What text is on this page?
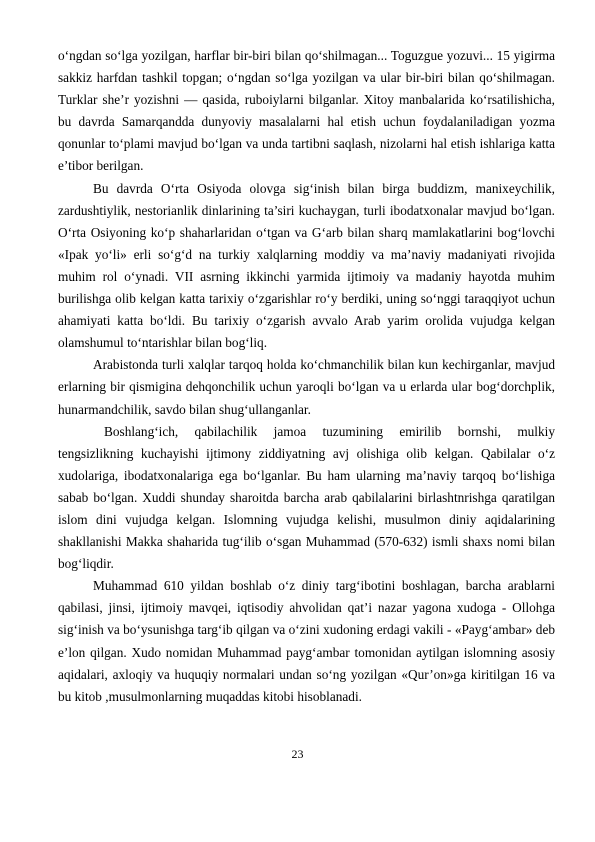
o‘ngdan so‘lga yozilgan, harflar bir-biri bilan qo‘shilmagan... Toguzgue yozuvi... 15 yigirma sakkiz harfdan tashkil topgan; o‘ngdan so‘lga yozilgan va ular bir-biri bilan qo‘shilmagan. Turklar she’r yozishni — qasida, ruboiylarni bilganlar. Xitoy manbalarida ko‘rsatilishicha, bu davrda Samarqandda dunyoviy masalalarni hal etish uchun foydalaniladigan yozma qonunlar to‘plami mavjud bo‘lgan va unda tartibni saqlash, nizolarni hal etish ishlariga katta e’tibor berilgan.

Bu davrda O‘rta Osiyoda olovga sig‘inish bilan birga buddizm, manixeychilik, zardushtiylik, nestorianlik dinlarining ta’siri kuchaygan, turli ibodatxonalar mavjud bo‘lgan. O‘rta Osiyoning ko‘p shaharlaridan o‘tgan va G‘arb bilan sharq mamlakatlarini bog‘lovchi «Ipak yo‘li» erli so‘g‘d na turkiy xalqlarning moddiy va ma’naviy madaniyati rivojida muhim rol o‘ynadi. VII asrning ikkinchi yarmida ijtimoiy va madaniy hayotda muhim burilishga olib kelgan katta tarixiy o‘zgarishlar ro‘y berdiki, uning so‘nggi taraqqiyot uchun ahamiyati katta bo‘ldi. Bu tarixiy o‘zgarish avvalo Arab yarim orolida vujudga kelgan olamshumul to‘ntarishlar bilan bog‘liq.

Arabistonda turli xalqlar tarqoq holda ko‘chmanchilik bilan kun kechirganlar, mavjud erlarning bir qismigina dehqonchilik uchun yaroqli bo‘lgan va u erlarda ular bog‘dorchplik, hunarmandchilik, savdo bilan shug‘ullanganlar.

Boshlang‘ich, qabilachilik jamoa tuzumining emirilib bornshi, mulkiy tengsizlikning kuchayishi ijtimony ziddiyatning avj olishiga olib kelgan. Qabilalar o‘z xudolariga, ibodatxonalariga ega bo‘lganlar. Bu ham ularning ma’naviy tarqoq bo‘lishiga sabab bo‘lgan. Xuddi shunday sharoitda barcha arab qabilalarini birlashtnrishga qaratilgan islom dini vujudga kelgan. Islomning vujudga kelishi, musulmon diniy aqidalarining shakllanishi Makka shaharida tug‘ilib o‘sgan Muhammad (570-632) ismli shaxs nomi bilan bog‘liqdir.

Muhammad 610 yildan boshlab o‘z diniy targ‘ibotini boshlagan, barcha arablarni qabilasi, jinsi, ijtimoiy mavqei, iqtisodiy ahvolidan qat’i nazar yagona xudoga - Ollohga sig‘inish va bo‘ysunishga targ‘ib qilgan va o‘zini xudoning erdagi vakili - «Payg‘ambar» deb e’lon qilgan. Xudo nomidan Muhammad payg‘ambar tomonidan aytilgan islomning asosiy aqidalari, axloqiy va huquqiy normalari undan so‘ng yozilgan «Qur’on»ga kiritilgan 16 va bu kitob ,musulmonlarning muqaddas kitobi hisoblanadi.

23
